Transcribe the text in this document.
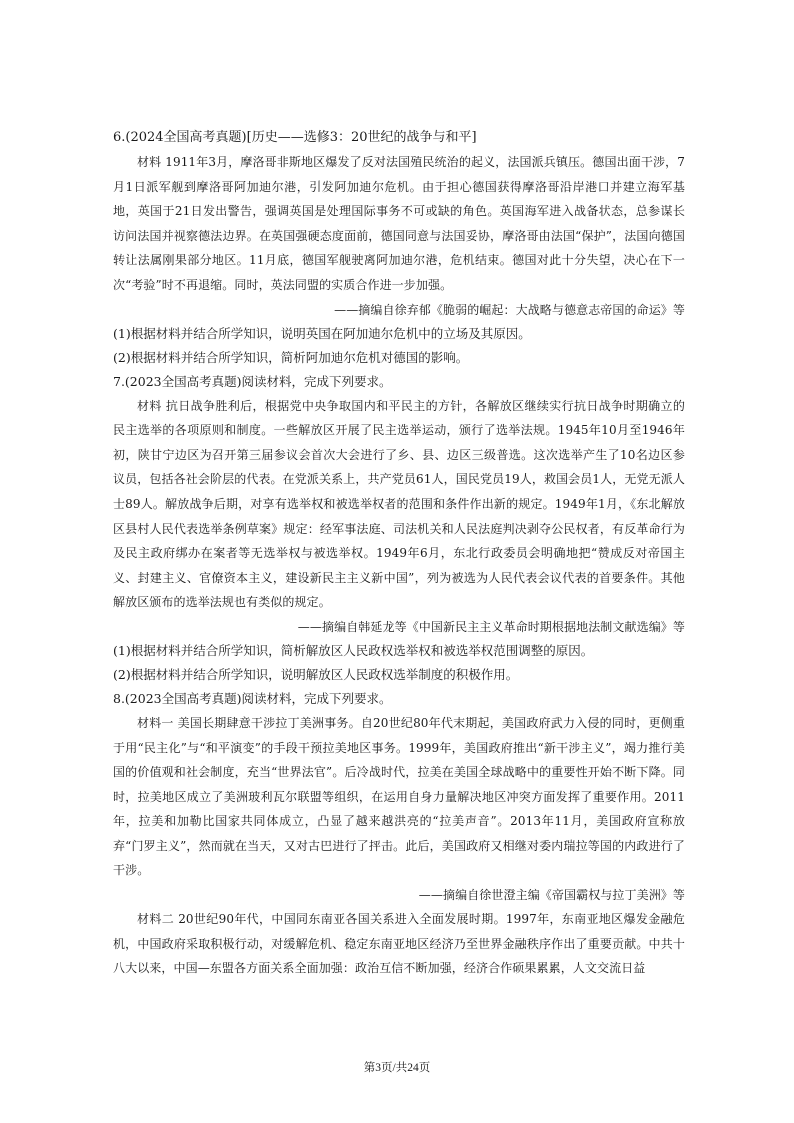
6.(2024全国高考真题)[历史——选修3：20世纪的战争与和平]

材料 1911年3月，摩洛哥非斯地区爆发了反对法国殖民统治的起义，法国派兵镇压。德国出面干涉，7月1日派军舰到摩洛哥阿加迪尔港，引发阿加迪尔危机。由于担心德国获得摩洛哥沿岸港口并建立海军基地，英国于21日发出警告，强调英国是处理国际事务不可或缺的角色。英国海军进入战备状态，总参谋长访问法国并视察德法边界。在英国强硬态度面前，德国同意与法国妥协，摩洛哥由法国“保护”，法国向德国转让法属刚果部分地区。11月底，德国军舰驶离阿加迪尔港，危机结束。德国对此十分失望，决心在下一次“考验”时不再退缩。同时，英法同盟的实质合作进一步加强。

——摘编自徐弃郁《脆弱的崛起：大战略与德意志帝国的命运》等

(1)根据材料并结合所学知识，说明英国在阿加迪尔危机中的立场及其原因。

(2)根据材料并结合所学知识，简析阿加迪尔危机对德国的影响。

7.(2023全国高考真题)阅读材料，完成下列要求。

材料 抗日战争胜利后，根据党中央争取国内和平民主的方针，各解放区继续实行抗日战争时期确立的民主选举的各项原则和制度。一些解放区开展了民主选举运动，颁行了选举法规。1945年10月至1946年初，陕甘宁边区为召开第三届参议会首次大会进行了乡、县、边区三级普选。这次选举产生了10名边区参议员，包括各社会阶层的代表。在党派关系上，共产党员61人，国民党员19人，救国会员1人，无党无派人士89人。解放战争后期，对享有选举权和被选举权者的范围和条件作出新的规定。1949年1月，《东北解放区县村人民代表选举条例草案》规定：经军事法庭、司法机关和人民法庭判决剥夺公民权者，有反革命行为及民主政府绑办在案者等无选举权与被选举权。1949年6月，东北行政委员会明确地把“赞成反对帝国主义、封建主义、官僚资本主义，建设新民主主义新中国”，列为被选为人民代表会议代表的首要条件。其他解放区颁布的选举法规也有类似的规定。

——摘编自韩延龙等《中国新民主主义革命时期根据地法制文献选编》等

(1)根据材料并结合所学知识，简析解放区人民政权选举权和被选举权范围调整的原因。

(2)根据材料并结合所学知识，说明解放区人民政权选举制度的积极作用。

8.(2023全国高考真题)阅读材料，完成下列要求。

材料一 美国长期肆意干涉拉丁美洲事务。自20世纪80年代末期起，美国政府武力入侵的同时，更侧重于用“民主化”与“和平演变”的手段干预拉美地区事务。1999年，美国政府推出“新干涉主义”，竭力推行美国的价值观和社会制度，充当“世界法官”。后冷战时代，拉美在美国全球战略中的重要性开始不断下降。同时，拉美地区成立了美洲玻利瓦尔联盟等组织，在运用自身力量解决地区冲突方面发挥了重要作用。2011年，拉美和加勒比国家共同体成立，凸显了越来越洪亮的“拉美声音”。2013年11月，美国政府宣称放弃“门罗主义”，然而就在当天，又对古巴进行了抨击。此后，美国政府又相继对委内瑞拉等国的内政进行了干涉。

——摘编自徐世澄主编《帝国霸权与拉丁美洲》等

材料二 20世纪90年代，中国同东南亚各国关系进入全面发展时期。1997年，东南亚地区爆发金融危机，中国政府采取积极行动，对缓解危机、稳定东南亚地区经济乃至世界金融秩序作出了重要贡献。中共十八大以来，中国—东盟各方面关系全面加强：政治互信不断加强，经济合作硕果累累，人文交流日益

第3页/共24页
